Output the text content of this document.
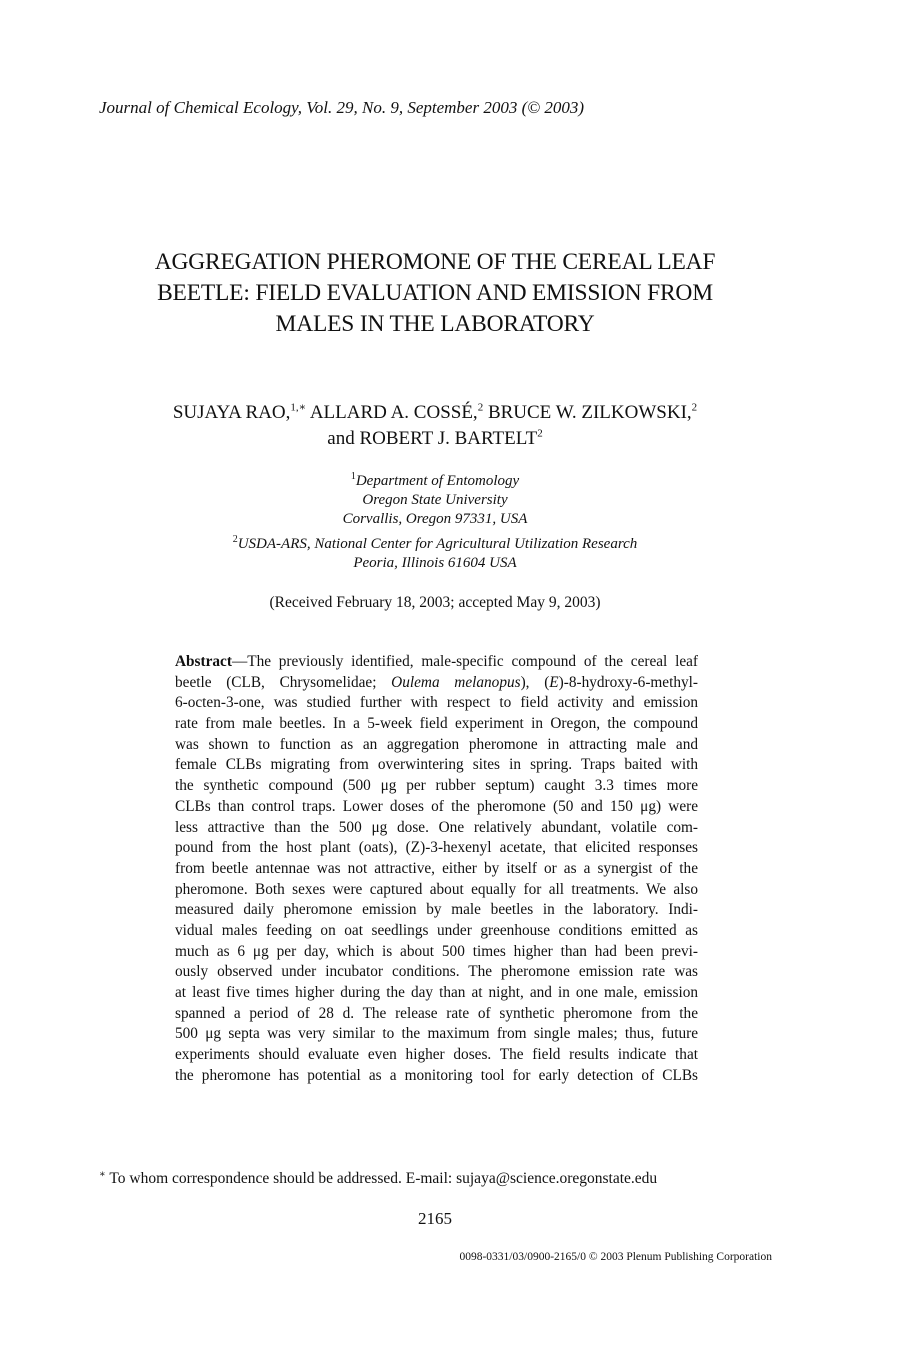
Journal of Chemical Ecology, Vol. 29, No. 9, September 2003 (© 2003)
AGGREGATION PHEROMONE OF THE CEREAL LEAF
BEETLE: FIELD EVALUATION AND EMISSION FROM
MALES IN THE LABORATORY
SUJAYA RAO,$^{1,∗}$ ALLARD A. COSSÉ,$^2$ BRUCE W. ZILKOWSKI,$^2$
and ROBERT J. BARTELT$^2$
$^1$Department of Entomology
Oregon State University
Corvallis, Oregon 97331, USA
$^2$USDA-ARS, National Center for Agricultural Utilization Research
Peoria, Illinois 61604 USA
(Received February 18, 2003; accepted May 9, 2003)
Abstract—The previously identified, male-specific compound of the cereal leaf
beetle (CLB, Chrysomelidae; Oulema melanopus), (E)-8-hydroxy-6-methyl-
6-octen-3-one, was studied further with respect to field activity and emission
rate from male beetles. In a 5-week field experiment in Oregon, the compound
was shown to function as an aggregation pheromone in attracting male and
female CLBs migrating from overwintering sites in spring. Traps baited with
the synthetic compound (500 μg per rubber septum) caught 3.3 times more
CLBs than control traps. Lower doses of the pheromone (50 and 150 μg) were
less attractive than the 500 μg dose. One relatively abundant, volatile com-
pound from the host plant (oats), (Z)-3-hexenyl acetate, that elicited responses
from beetle antennae was not attractive, either by itself or as a synergist of the
pheromone. Both sexes were captured about equally for all treatments. We also
measured daily pheromone emission by male beetles in the laboratory. Indi-
vidual males feeding on oat seedlings under greenhouse conditions emitted as
much as 6 μg per day, which is about 500 times higher than had been previ-
ously observed under incubator conditions. The pheromone emission rate was
at least five times higher during the day than at night, and in one male, emission
spanned a period of 28 d. The release rate of synthetic pheromone from the
500 μg septa was very similar to the maximum from single males; thus, future
experiments should evaluate even higher doses. The field results indicate that
the pheromone has potential as a monitoring tool for early detection of CLBs
∗ To whom correspondence should be addressed. E-mail: sujaya@science.oregonstate.edu
2165
0098-0331/03/0900-2165/0 © 2003 Plenum Publishing Corporation
